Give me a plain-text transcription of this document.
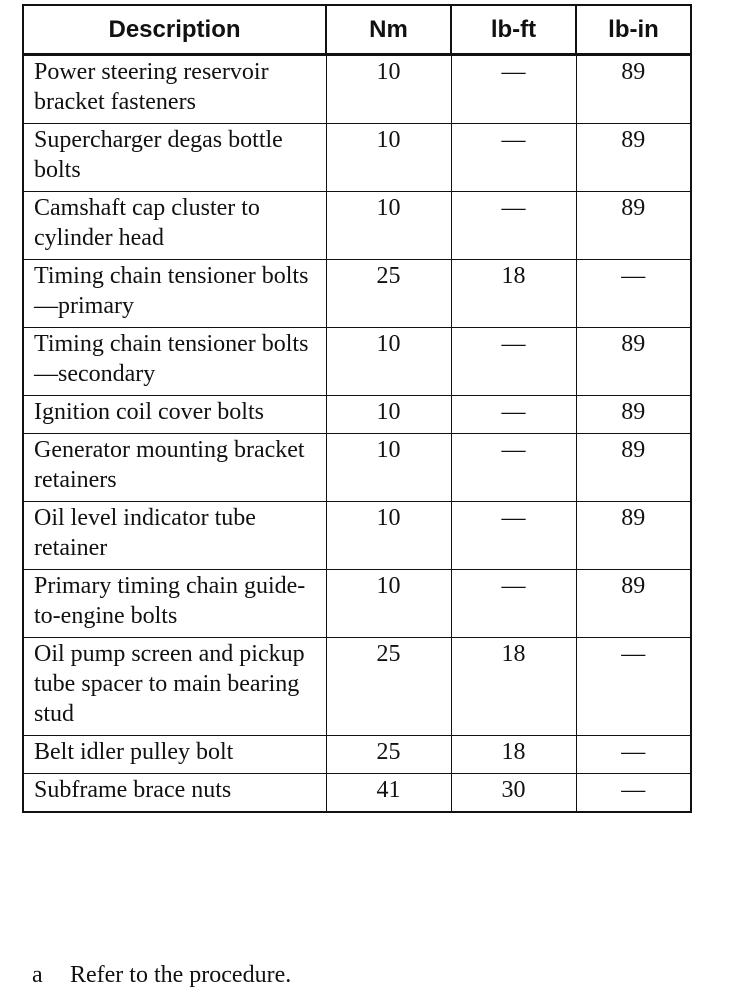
Description	Nm	lb-ft	lb-in
Power steering reservoir bracket fasteners	10	—	89
Supercharger degas bottle bolts	10	—	89
Camshaft cap cluster to cylinder head	10	—	89
Timing chain tensioner bolts—primary	25	18	—
Timing chain tensioner bolts—secondary	10	—	89
Ignition coil cover bolts	10	—	89
Generator mounting bracket retainers	10	—	89
Oil level indicator tube retainer	10	—	89
Primary timing chain guide-to-engine bolts	10	—	89
Oil pump screen and pickup tube spacer to main bearing stud	25	18	—
Belt idler pulley bolt	25	18	—
Subframe brace nuts	41	30	—
a Refer to the procedure.
